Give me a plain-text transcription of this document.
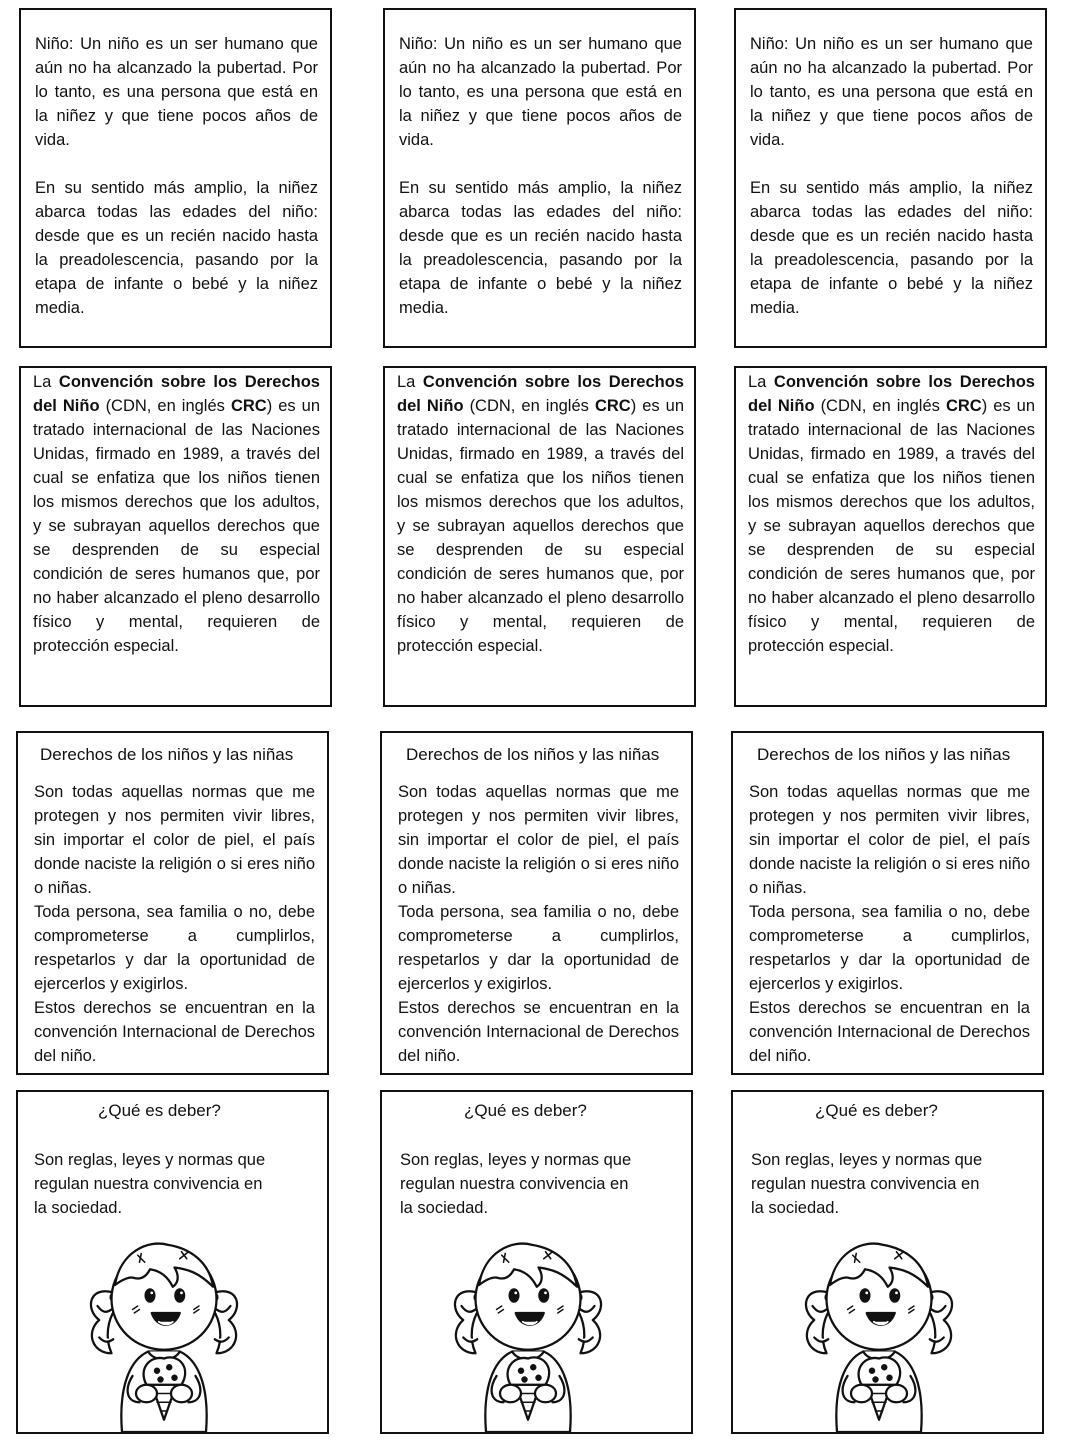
Niño: Un niño es un ser humano que aún no ha alcanzado la pubertad. Por lo tanto, es una persona que está en la niñez y que tiene pocos años de vida.

En su sentido más amplio, la niñez abarca todas las edades del niño: desde que es un recién nacido hasta la preadolescencia, pasando por la etapa de infante o bebé y la niñez media.

Niño: Un niño es un ser humano que aún no ha alcanzado la pubertad. Por lo tanto, es una persona que está en la niñez y que tiene pocos años de vida.

En su sentido más amplio, la niñez abarca todas las edades del niño: desde que es un recién nacido hasta la preadolescencia, pasando por la etapa de infante o bebé y la niñez media.

Niño: Un niño es un ser humano que aún no ha alcanzado la pubertad. Por lo tanto, es una persona que está en la niñez y que tiene pocos años de vida.

En su sentido más amplio, la niñez abarca todas las edades del niño: desde que es un recién nacido hasta la preadolescencia, pasando por la etapa de infante o bebé y la niñez media.

La Convención sobre los Derechos del Niño (CDN, en inglés CRC) es un tratado internacional de las Naciones Unidas, firmado en 1989, a través del cual se enfatiza que los niños tienen los mismos derechos que los adultos, y se subrayan aquellos derechos que se desprenden de su especial condición de seres humanos que, por no haber alcanzado el pleno desarrollo físico y mental, requieren de protección especial.
La Convención sobre los Derechos del Niño (CDN, en inglés CRC) es un tratado internacional de las Naciones Unidas, firmado en 1989, a través del cual se enfatiza que los niños tienen los mismos derechos que los adultos, y se subrayan aquellos derechos que se desprenden de su especial condición de seres humanos que, por no haber alcanzado el pleno desarrollo físico y mental, requieren de protección especial.
La Convención sobre los Derechos del Niño (CDN, en inglés CRC) es un tratado internacional de las Naciones Unidas, firmado en 1989, a través del cual se enfatiza que los niños tienen los mismos derechos que los adultos, y se subrayan aquellos derechos que se desprenden de su especial condición de seres humanos que, por no haber alcanzado el pleno desarrollo físico y mental, requieren de protección especial.
Derechos de los niños y las niñas

Son todas aquellas normas que me protegen y nos permiten vivir libres, sin importar el color de piel, el país donde naciste la religión o si eres niño o niñas.

Toda persona, sea familia o no, debe comprometerse a cumplirlos, respetarlos y dar la oportunidad de ejercerlos y exigirlos.

Estos derechos se encuentran en la convención Internacional de Derechos del niño.

Derechos de los niños y las niñas

Son todas aquellas normas que me protegen y nos permiten vivir libres, sin importar el color de piel, el país donde naciste la religión o si eres niño o niñas.

Toda persona, sea familia o no, debe comprometerse a cumplirlos, respetarlos y dar la oportunidad de ejercerlos y exigirlos.

Estos derechos se encuentran en la convención Internacional de Derechos del niño.

Derechos de los niños y las niñas

Son todas aquellas normas que me protegen y nos permiten vivir libres, sin importar el color de piel, el país donde naciste la religión o si eres niño o niñas.

Toda persona, sea familia o no, debe comprometerse a cumplirlos, respetarlos y dar la oportunidad de ejercerlos y exigirlos.

Estos derechos se encuentran en la convención Internacional de Derechos del niño.

¿Qué es deber?

Son reglas, leyes y normas que

regulan nuestra convivencia en

la sociedad.

¿Qué es deber?

Son reglas, leyes y normas que

regulan nuestra convivencia en

la sociedad.

¿Qué es deber?

Son reglas, leyes y normas que

regulan nuestra convivencia en

la sociedad.
